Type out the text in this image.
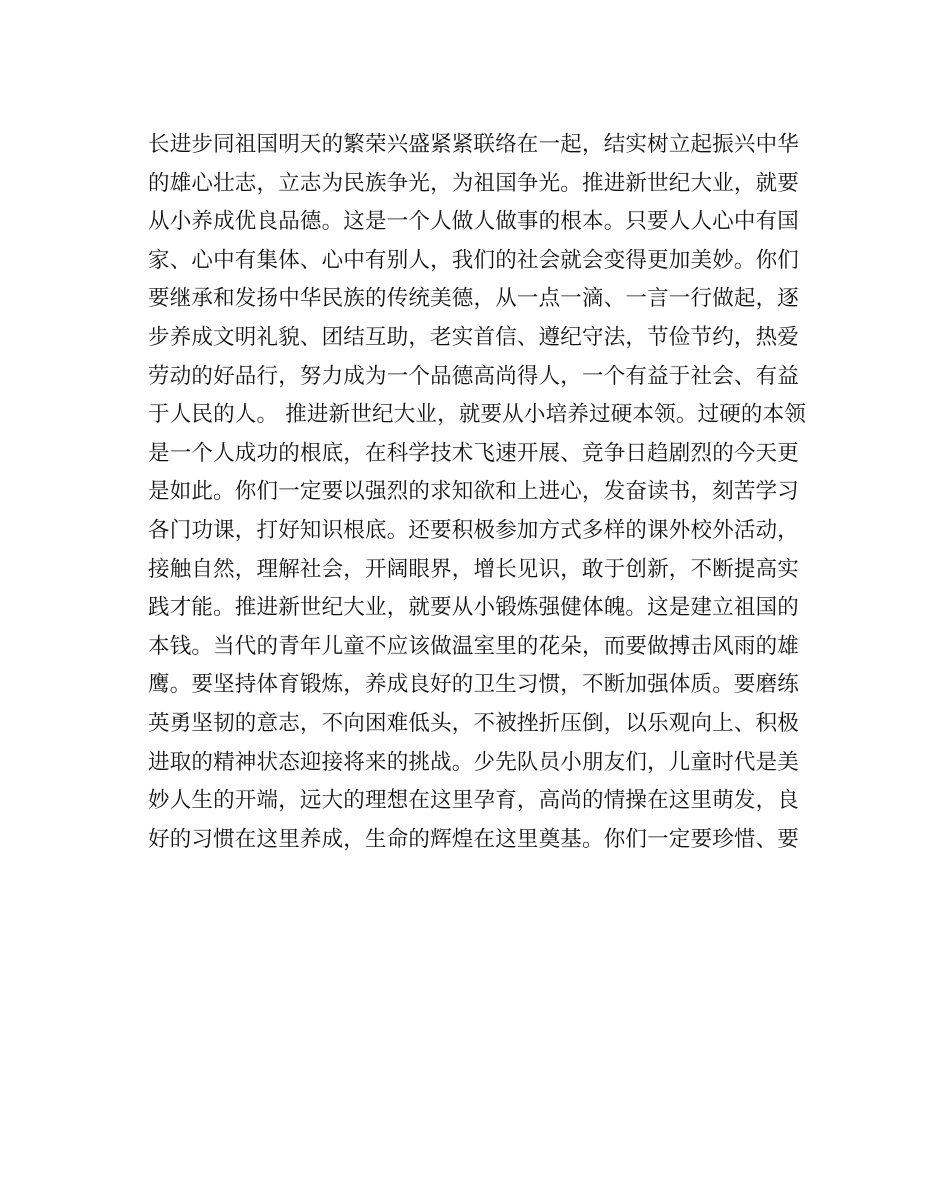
长进步同祖国明天的繁荣兴盛紧紧联络在一起，结实树立起振兴中华
的雄心壮志，立志为民族争光，为祖国争光。推进新世纪大业，就要
从小养成优良品德。这是一个人做人做事的根本。只要人人心中有国
家、心中有集体、心中有别人，我们的社会就会变得更加美妙。你们
要继承和发扬中华民族的传统美德，从一点一滴、一言一行做起，逐
步养成文明礼貌、团结互助，老实首信、遵纪守法，节俭节约，热爱
劳动的好品行，努力成为一个品德高尚得人，一个有益于社会、有益
于人民的人。 推进新世纪大业，就要从小培养过硬本领。过硬的本领
是一个人成功的根底，在科学技术飞速开展、竞争日趋剧烈的今天更
是如此。你们一定要以强烈的求知欲和上进心，发奋读书，刻苦学习
各门功课，打好知识根底。还要积极参加方式多样的课外校外活动，
接触自然，理解社会，开阔眼界，增长见识，敢于创新，不断提高实
践才能。推进新世纪大业，就要从小锻炼强健体魄。这是建立祖国的
本钱。当代的青年儿童不应该做温室里的花朵，而要做搏击风雨的雄
鹰。要坚持体育锻炼，养成良好的卫生习惯，不断加强体质。要磨练
英勇坚韧的意志，不向困难低头，不被挫折压倒，以乐观向上、积极
进取的精神状态迎接将来的挑战。少先队员小朋友们，儿童时代是美
妙人生的开端，远大的理想在这里孕育，高尚的情操在这里萌发，良
好的习惯在这里养成，生命的辉煌在这里奠基。你们一定要珍惜、要
